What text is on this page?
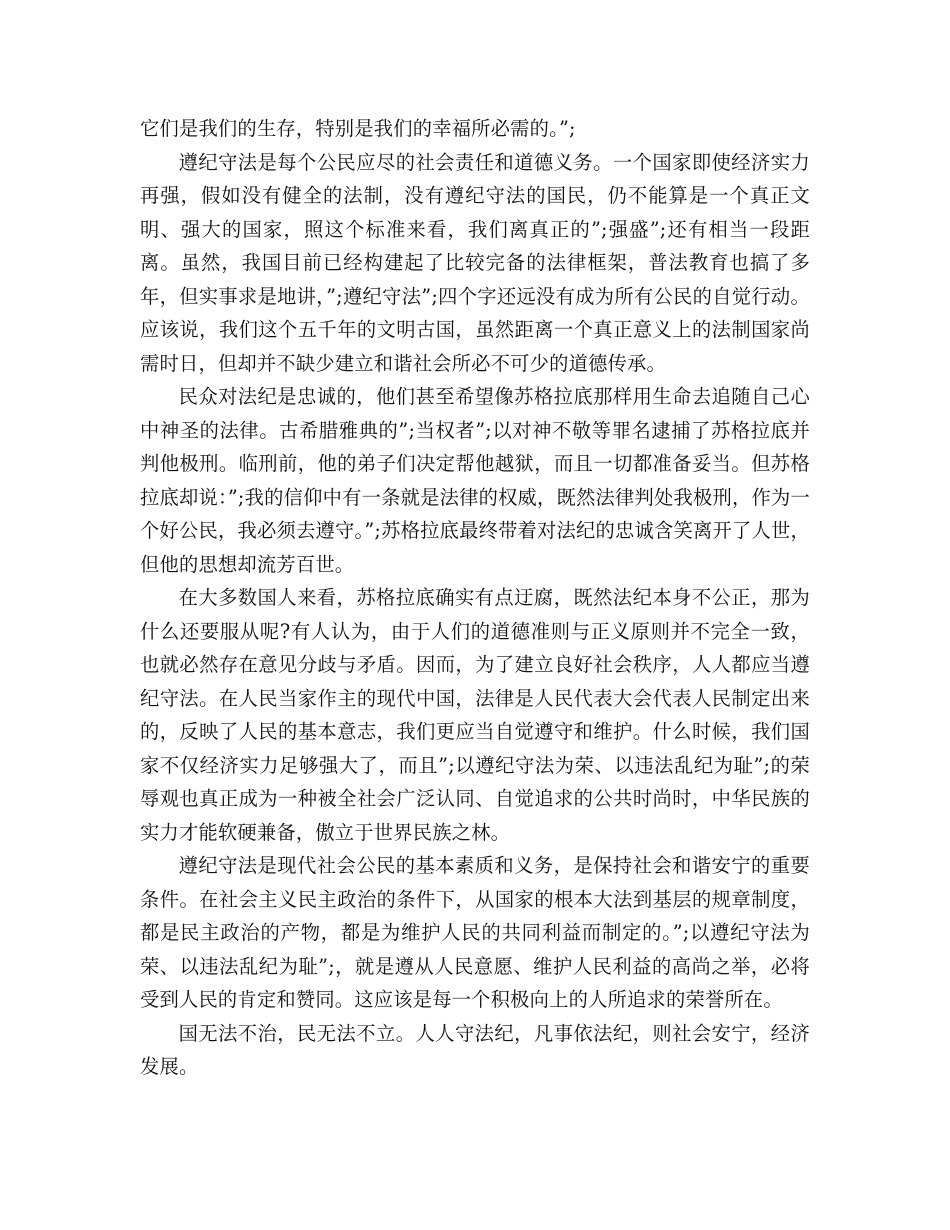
它们是我们的生存，特别是我们的幸福所必需的。”;

遵纪守法是每个公民应尽的社会责任和道德义务。一个国家即使经济实力再强，假如没有健全的法制，没有遵纪守法的国民，仍不能算是一个真正文明、强大的国家，照这个标准来看，我们离真正的”;强盛”;还有相当一段距离。虽然，我国目前已经构建起了比较完备的法律框架，普法教育也搞了多年，但实事求是地讲，”;遵纪守法”;四个字还远没有成为所有公民的自觉行动。应该说，我们这个五千年的文明古国，虽然距离一个真正意义上的法制国家尚需时日，但却并不缺少建立和谐社会所必不可少的道德传承。

民众对法纪是忠诚的，他们甚至希望像苏格拉底那样用生命去追随自己心中神圣的法律。古希腊雅典的”;当权者”;以对神不敬等罪名逮捕了苏格拉底并判他极刑。临刑前，他的弟子们决定帮他越狱，而且一切都准备妥当。但苏格拉底却说：”;我的信仰中有一条就是法律的权威，既然法律判处我极刑，作为一个好公民，我必须去遵守。”;苏格拉底最终带着对法纪的忠诚含笑离开了人世，但他的思想却流芳百世。

在大多数国人来看，苏格拉底确实有点迂腐，既然法纪本身不公正，那为什么还要服从呢?有人认为，由于人们的道德准则与正义原则并不完全一致，也就必然存在意见分歧与矛盾。因而，为了建立良好社会秩序，人人都应当遵纪守法。在人民当家作主的现代中国，法律是人民代表大会代表人民制定出来的，反映了人民的基本意志，我们更应当自觉遵守和维护。什么时候，我们国家不仅经济实力足够强大了，而且”;以遵纪守法为荣、以违法乱纪为耻”;的荣辱观也真正成为一种被全社会广泛认同、自觉追求的公共时尚时，中华民族的实力才能软硬兼备，傲立于世界民族之林。

遵纪守法是现代社会公民的基本素质和义务，是保持社会和谐安宁的重要条件。在社会主义民主政治的条件下，从国家的根本大法到基层的规章制度，都是民主政治的产物，都是为维护人民的共同利益而制定的。”;以遵纪守法为荣、以违法乱纪为耻”;，就是遵从人民意愿、维护人民利益的高尚之举，必将受到人民的肯定和赞同。这应该是每一个积极向上的人所追求的荣誉所在。

国无法不治，民无法不立。人人守法纪，凡事依法纪，则社会安宁，经济发展。
